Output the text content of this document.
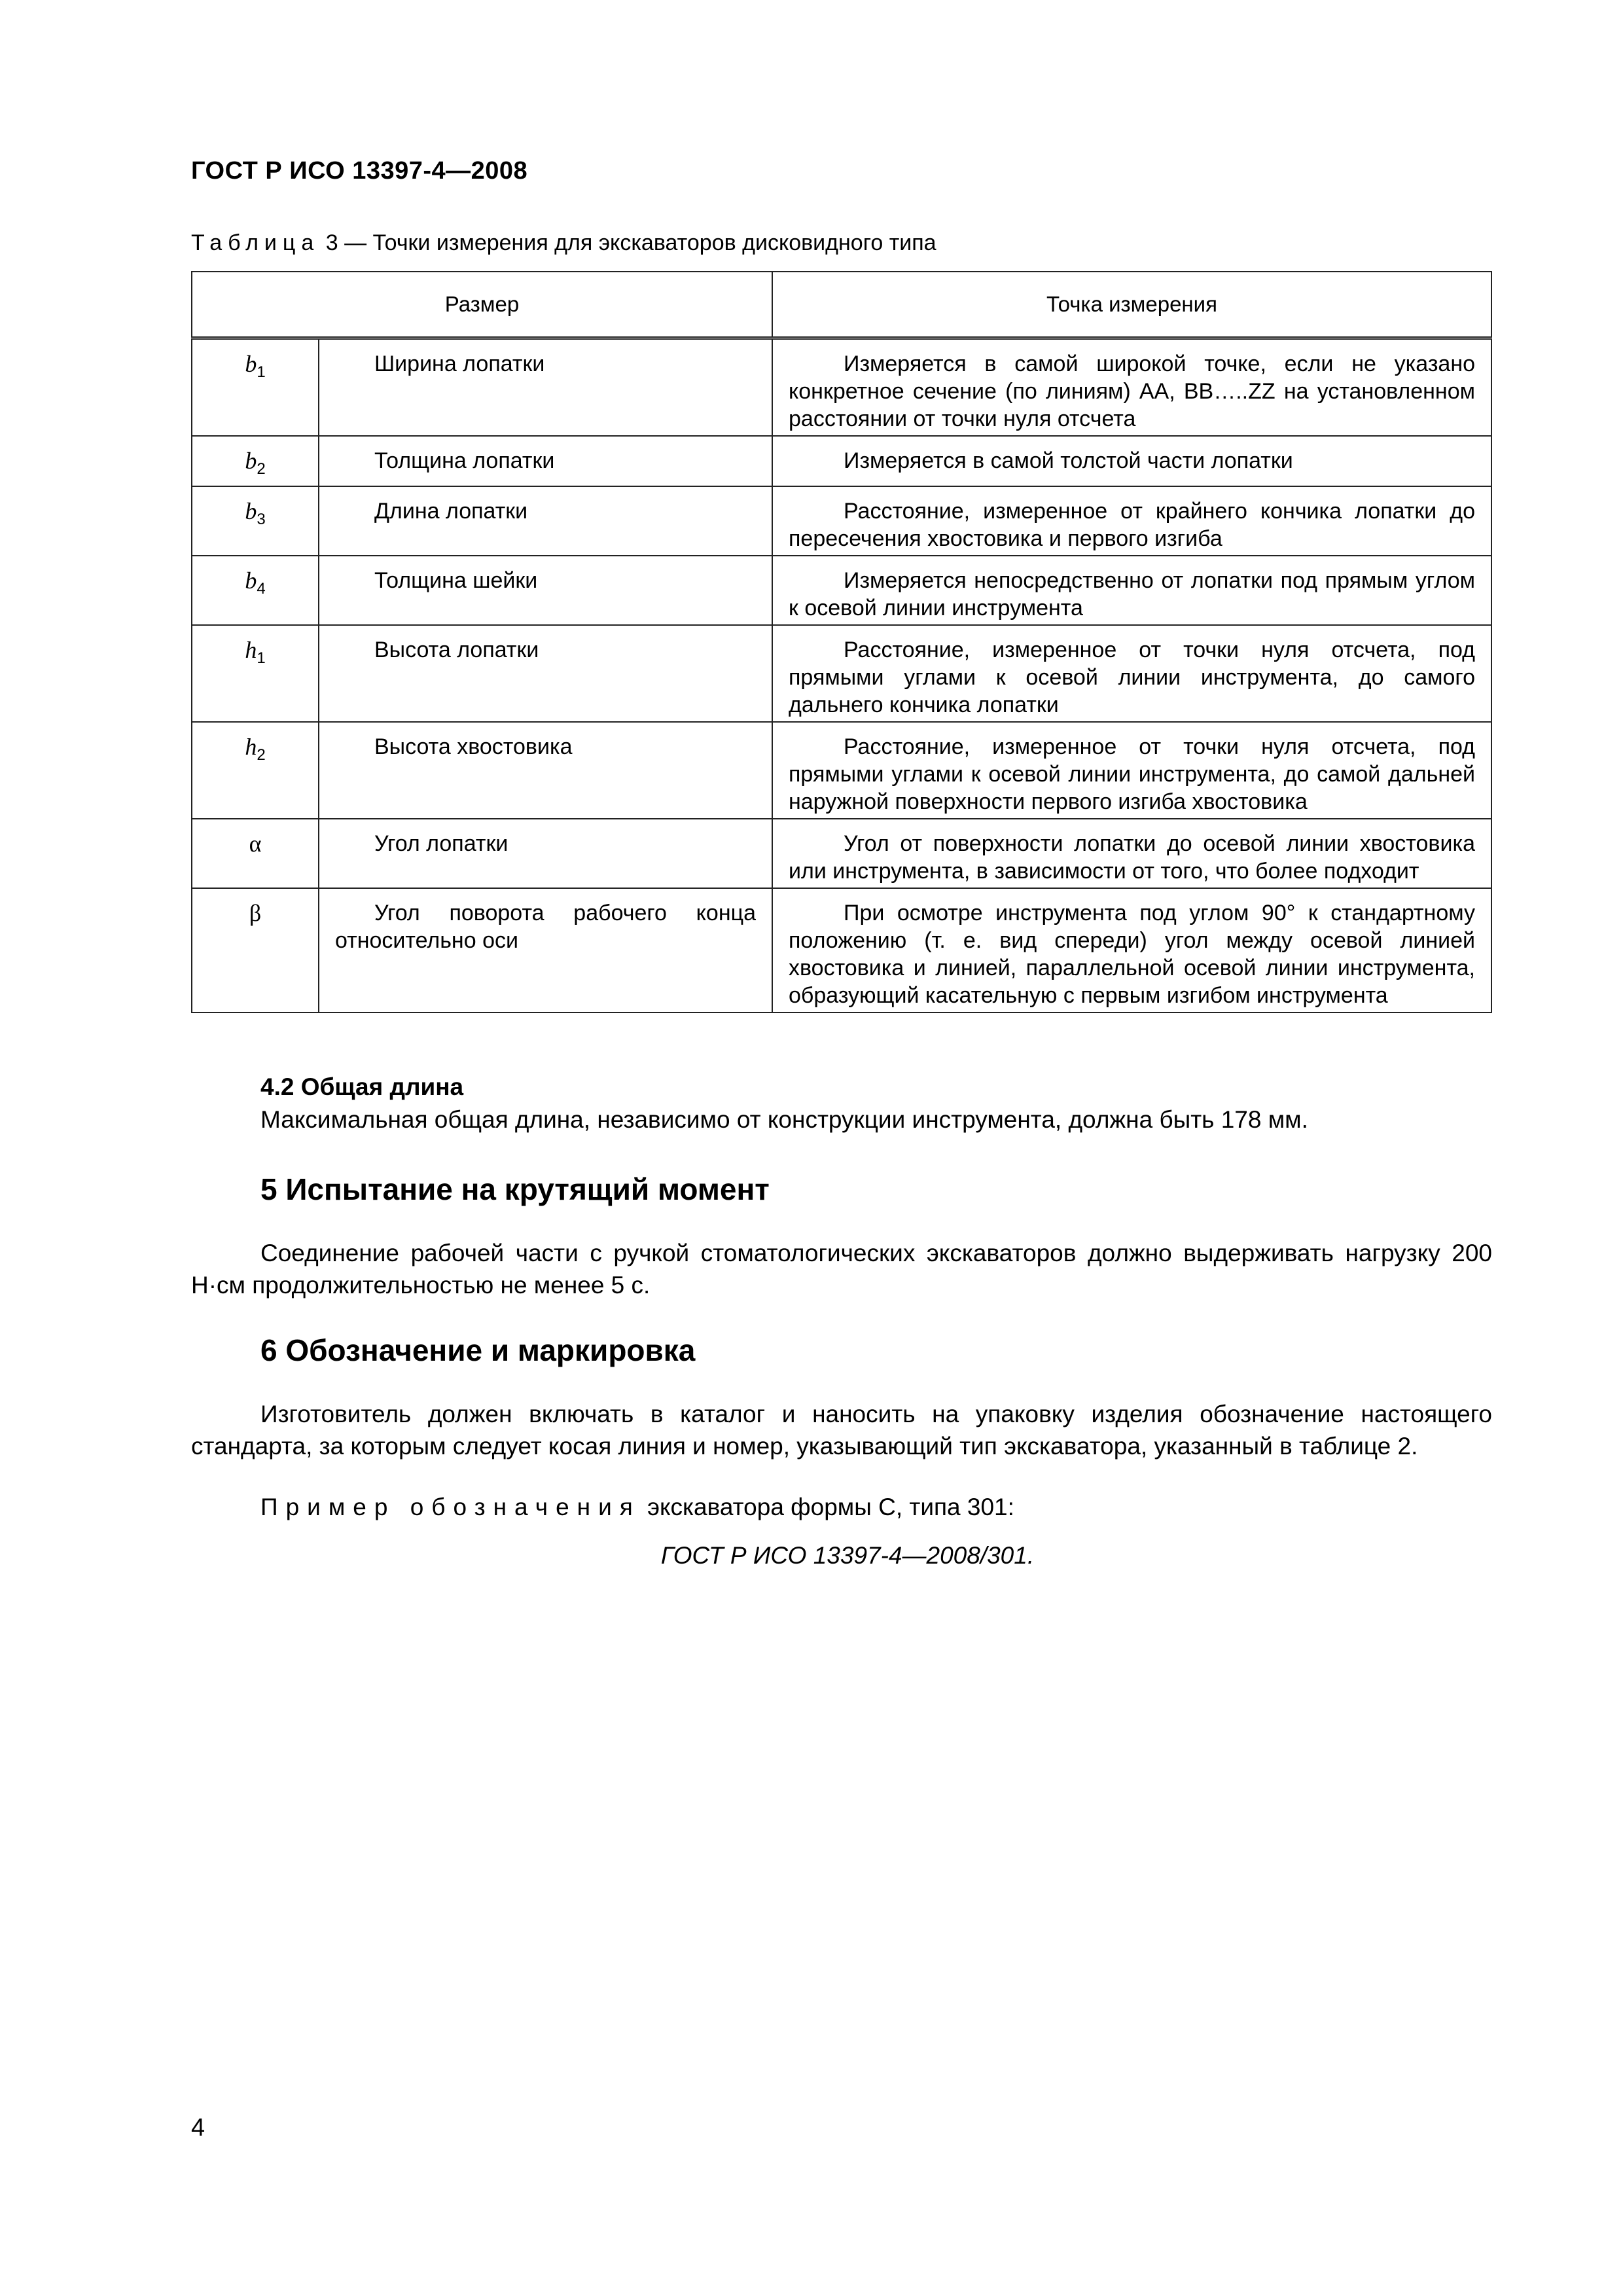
ГОСТ Р ИСО 13397-4—2008
Таблица 3 — Точки измерения для экскаваторов дисковидного типа
Размер		Точка измерения
$b_1$	Ширина лопатки	Измеряется в самой широкой точке, если не указано конкретное сечение (по линиям) AA, BB…..ZZ на установленном расстоянии от точки нуля отсчета
$b_2$	Толщина лопатки	Измеряется в самой толстой части лопатки
$b_3$	Длина лопатки	Расстояние, измеренное от крайнего кончика лопатки до пересечения хвостовика и первого изгиба
$b_4$	Толщина шейки	Измеряется непосредственно от лопатки под прямым углом к осевой линии инструмента
$h_1$	Высота лопатки	Расстояние, измеренное от точки нуля отсчета, под прямыми углами к осевой линии инструмента, до самого дальнего кончика лопатки
$h_2$	Высота хвостовика	Расстояние, измеренное от точки нуля отсчета, под прямыми углами к осевой линии инструмента, до самой дальней наружной поверхности первого изгиба хвостовика
α	Угол лопатки	Угол от поверхности лопатки до осевой линии хвостовика или инструмента, в зависимости от того, что более подходит
β	Угол поворота рабочего конца относительно оси	При осмотре инструмента под углом 90° к стандартному положению (т. е. вид спереди) угол между осевой линией хвостовика и линией, параллельной осевой линии инструмента, образующий касательную с первым изгибом инструмента
4.2 Общая длина
Максимальная общая длина, независимо от конструкции инструмента, должна быть 178 мм.
5 Испытание на крутящий момент
Соединение рабочей части с ручкой стоматологических экскаваторов должно выдерживать нагрузку 200 Н·см продолжительностью не менее 5 с.
6 Обозначение и маркировка
Изготовитель должен включать в каталог и наносить на упаковку изделия обозначение настоящего стандарта, за которым следует косая линия и номер, указывающий тип экскаватора, указанный в таблице 2.
Пример обозначения экскаватора формы С, типа 301:
ГОСТ Р ИСО 13397-4—2008/301.
4
